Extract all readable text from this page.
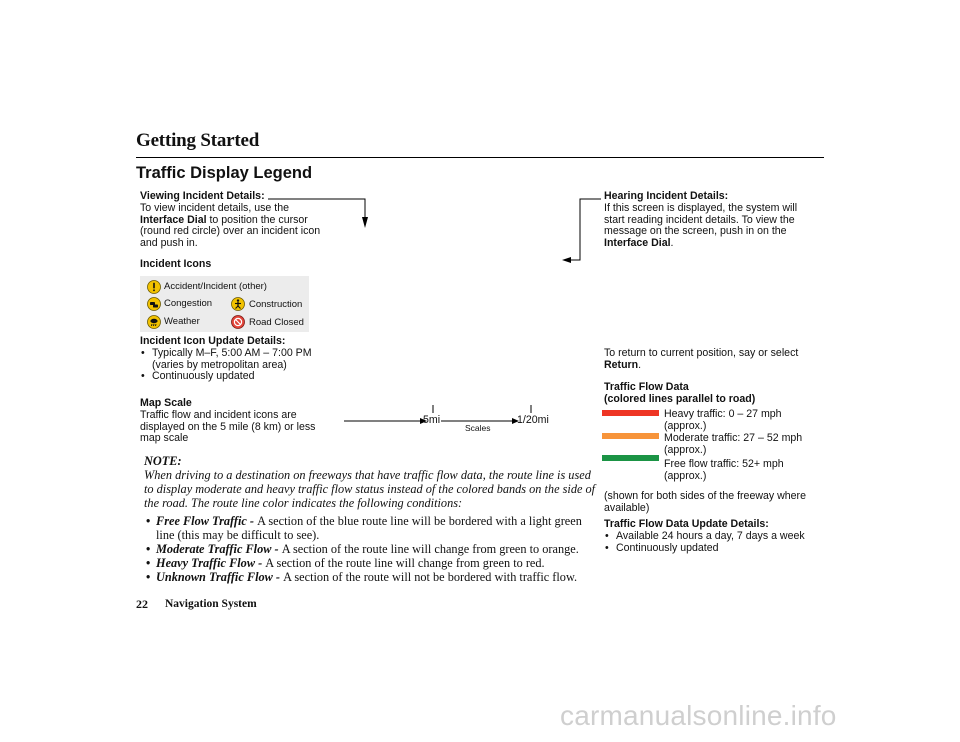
Getting Started
Traffic Display Legend
Viewing Incident Details:
To view incident details, use the
Interface Dial to position the cursor (round red circle) over an incident icon and push in.
Incident Icons
Accident/Incident (other)
Congestion	Construction
Weather	Road Closed
Incident Icon Update Details:
• Typically M–F, 5:00 AM – 7:00 PM (varies by metropolitan area)
• Continuously updated
Map Scale
Traffic flow and incident icons are displayed on the 5 mile (8 km) or less map scale
5mi	1/20mi
Scales
Hearing Incident Details:
If this screen is displayed, the system will start reading incident details. To view the message on the screen, push in on the Interface Dial.
To return to current position, say or select Return.
Traffic Flow Data
(colored lines parallel to road)
Heavy traffic: 0 – 27 mph (approx.)
Moderate traffic: 27 – 52 mph (approx.)
Free flow traffic: 52+ mph (approx.)
(shown for both sides of the freeway where available)
Traffic Flow Data Update Details:
• Available 24 hours a day, 7 days a week
• Continuously updated
NOTE:
When driving to a destination on freeways that have traffic flow data, the route line is used to display moderate and heavy traffic flow status instead of the colored bands on the side of the road. The route line color indicates the following conditions:
• Free Flow Traffic - A section of the blue route line will be bordered with a light green line (this may be difficult to see).
• Moderate Traffic Flow - A section of the route line will change from green to orange.
• Heavy Traffic Flow - A section of the route line will change from green to red.
• Unknown Traffic Flow - A section of the route will not be bordered with traffic flow.
22 Navigation System
carmanualsonline.info
